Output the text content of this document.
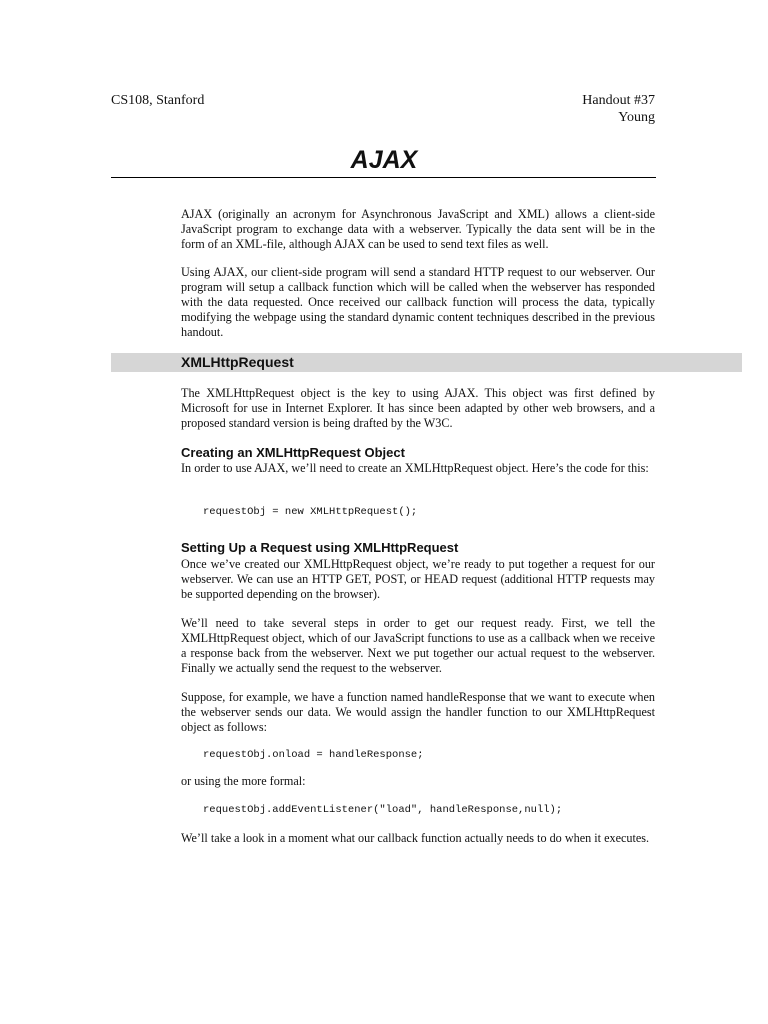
CS108, Stanford	Handout #37
Young
AJAX

AJAX (originally an acronym for Asynchronous JavaScript and XML) allows a client-side JavaScript program to exchange data with a webserver. Typically the data sent will be in the form of an XML-file, although AJAX can be used to send text files as well.

Using AJAX, our client-side program will send a standard HTTP request to our webserver. Our program will setup a callback function which will be called when the webserver has responded with the data requested. Once received our callback function will process the data, typically modifying the webpage using the standard dynamic content techniques described in the previous handout.

XMLHttpRequest

The XMLHttpRequest object is the key to using AJAX. This object was first defined by Microsoft for use in Internet Explorer. It has since been adapted by other web browsers, and a proposed standard version is being drafted by the W3C.

Creating an XMLHttpRequest Object

In order to use AJAX, we’ll need to create an XMLHttpRequest object. Here’s the code for this:

requestObj = new XMLHttpRequest();
Setting Up a Request using XMLHttpRequest

Once we’ve created our XMLHttpRequest object, we’re ready to put together a request for our webserver. We can use an HTTP GET, POST, or HEAD request (additional HTTP requests may be supported depending on the browser).

We’ll need to take several steps in order to get our request ready. First, we tell the XMLHttpRequest object, which of our JavaScript functions to use as a callback when we receive a response back from the webserver. Next we put together our actual request to the webserver. Finally we actually send the request to the webserver.

Suppose, for example, we have a function named handleResponse that we want to execute when the webserver sends our data. We would assign the handler function to our XMLHttpRequest object as follows:

requestObj.onload = handleResponse;

or using the more formal:

requestObj.addEventListener("load", handleResponse,null);

We’ll take a look in a moment what our callback function actually needs to do when it executes.
